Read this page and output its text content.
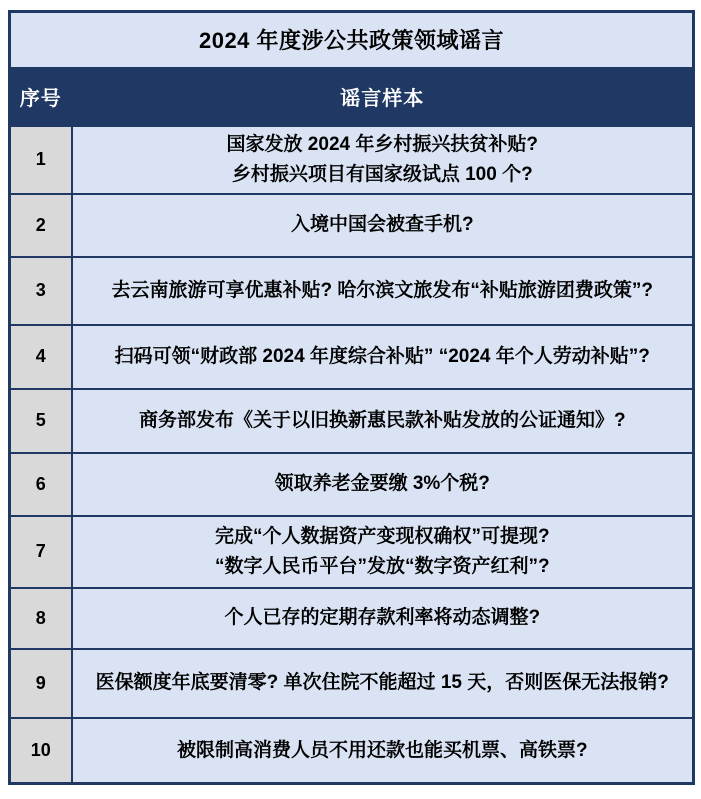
2024 年度涉公共政策领域谣言	
序号	谣言样本
1	国家发放 2024 年乡村振兴扶贫补贴?
乡村振兴项目有国家级试点 100 个?

2	入境中国会被查手机?

3	去云南旅游可享优惠补贴? 哈尔滨文旅发布“补贴旅游团费政策”?

4	扫码可领“财政部 2024 年度综合补贴” “2024 年个人劳动补贴”?

5	商务部发布《关于以旧换新惠民款补贴发放的公证通知》?

6	领取养老金要缴 3%个税?

7	完成“个人数据资产变现权确权”可提现?
“数字人民币平台”发放“数字资产红利”?

8	个人已存的定期存款利率将动态调整?

9	医保额度年底要清零? 单次住院不能超过 15 天，否则医保无法报销?

10	被限制高消费人员不用还款也能买机票、高铁票?
